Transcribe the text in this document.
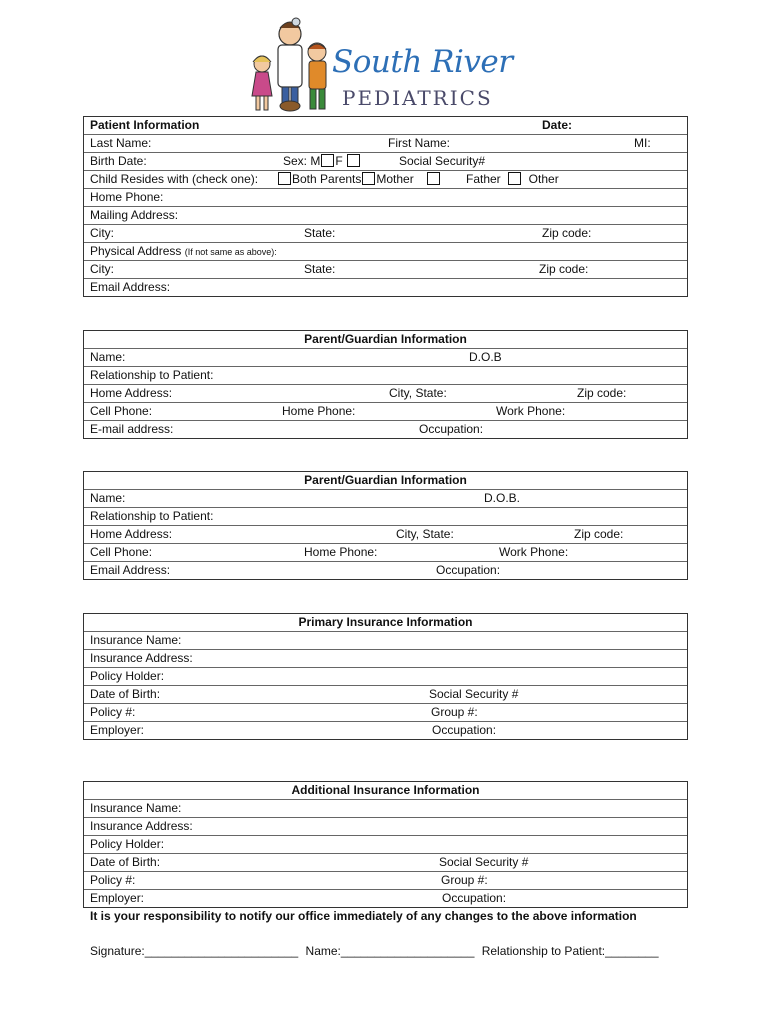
South River
PEDIATRICS
Patient Information	Date:
Last Name:	First Name:	MI:
Birth Date:	Sex: M F	Social Security#
Child Resides with (check one):	Both Parents Mother	Father	Other
Home Phone:
Mailing Address:
City:	State:	Zip code:
Physical Address (If not same as above):
City:	State:	Zip code:
Email Address:
Parent/Guardian Information
Name:	D.O.B
Relationship to Patient:
Home Address:	City, State:	Zip code:
Cell Phone:	Home Phone:	Work Phone:
E-mail address:	Occupation:
Parent/Guardian Information
Name:	D.O.B.
Relationship to Patient:
Home Address:	City, State:	Zip code:
Cell Phone:	Home Phone:	Work Phone:
Email Address:	Occupation:
Primary Insurance Information
Insurance Name:
Insurance Address:
Policy Holder:
Date of Birth:	Social Security #
Policy #:	Group #:
Employer:	Occupation:
Additional Insurance Information
Insurance Name:
Insurance Address:
Policy Holder:
Date of Birth:	Social Security #
Policy #:	Group #:
Employer:	Occupation:
It is your responsibility to notify our office immediately of any changes to the above information
Signature:_______________________ Name:____________________ Relationship to Patient:________
